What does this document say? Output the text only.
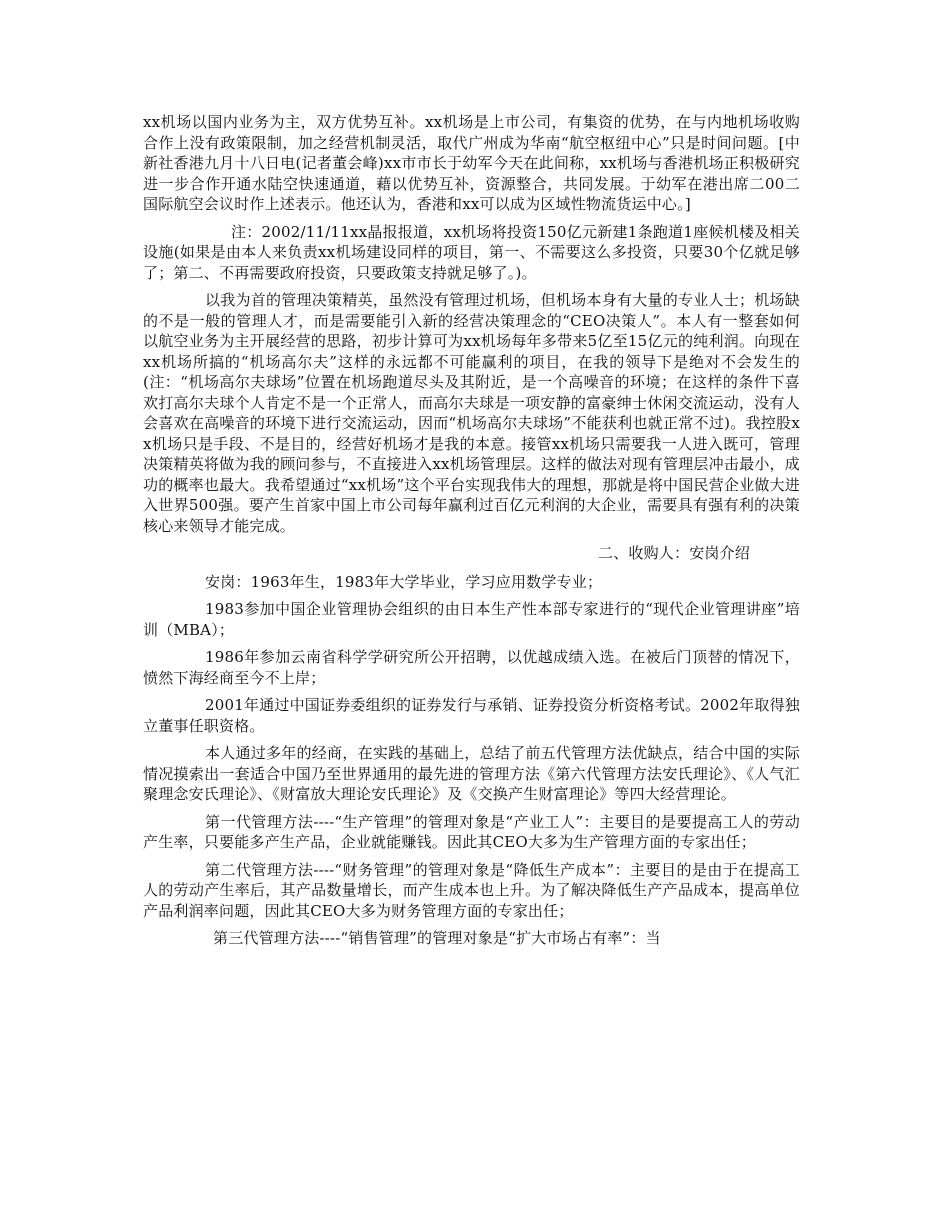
xx机场以国内业务为主，双方优势互补。xx机场是上市公司，有集资的优势，在与内地机场收购合作上没有政策限制，加之经营机制灵活，取代广州成为华南“航空枢纽中心”只是时间问题。[中新社香港九月十八日电(记者董会峰)xx市市长于幼军今天在此间称，xx机场与香港机场正积极研究进一步合作开通水陆空快速通道，藉以优势互补，资源整合，共同发展。于幼军在港出席二00二国际航空会议时作上述表示。他还认为，香港和xx可以成为区域性物流货运中心。]

注：2002/11/11xx晶报报道，xx机场将投资150亿元新建1条跑道1座候机楼及相关设施(如果是由本人来负责xx机场建设同样的项目，第一、不需要这么多投资，只要30个亿就足够了；第二、不再需要政府投资，只要政策支持就足够了。)。

以我为首的管理决策精英，虽然没有管理过机场，但机场本身有大量的专业人士；机场缺的不是一般的管理人才，而是需要能引入新的经营决策理念的“CEO决策人”。本人有一整套如何以航空业务为主开展经营的思路，初步计算可为xx机场每年多带来5亿至15亿元的纯利润。向现在xx机场所搞的“机场高尔夫”这样的永远都不可能赢利的项目，在我的领导下是绝对不会发生的(注：“机场高尔夫球场”位置在机场跑道尽头及其附近，是一个高噪音的环境；在这样的条件下喜欢打高尔夫球个人肯定不是一个正常人，而高尔夫球是一项安静的富豪绅士休闲交流运动，没有人会喜欢在高噪音的环境下进行交流运动，因而“机场高尔夫球场”不能获利也就正常不过)。我控股xx机场只是手段、不是目的，经营好机场才是我的本意。接管xx机场只需要我一人进入既可，管理决策精英将做为我的顾问参与，不直接进入xx机场管理层。这样的做法对现有管理层冲击最小，成功的概率也最大。我希望通过“xx机场”这个平台实现我伟大的理想，那就是将中国民营企业做大进入世界500强。要产生首家中国上市公司每年赢利过百亿元利润的大企业，需要具有强有利的决策核心来领导才能完成。

二、收购人：安岗介绍

安岗：1963年生，1983年大学毕业，学习应用数学专业；

1983参加中国企业管理协会组织的由日本生产性本部专家进行的“现代企业管理讲座”培训（MBA）；

1986年参加云南省科学学研究所公开招聘，以优越成绩入选。在被后门顶替的情况下，愤然下海经商至今不上岸；

2001年通过中国证券委组织的证券发行与承销、证券投资分析资格考试。2002年取得独立董事任职资格。

本人通过多年的经商，在实践的基础上，总结了前五代管理方法优缺点，结合中国的实际情况摸索出一套适合中国乃至世界通用的最先进的管理方法《第六代管理方法安氏理论》、《人气汇聚理念安氏理论》、《财富放大理论安氏理论》及《交换产生财富理论》等四大经营理论。

第一代管理方法----“生产管理”的管理对象是“产业工人”：主要目的是要提高工人的劳动产生率，只要能多产生产品，企业就能赚钱。因此其CEO大多为生产管理方面的专家出任；

第二代管理方法----“财务管理”的管理对象是“降低生产成本”：主要目的是由于在提高工人的劳动产生率后，其产品数量增长，而产生成本也上升。为了解决降低生产产品成本，提高单位产品利润率问题，因此其CEO大多为财务管理方面的专家出任；

第三代管理方法----“销售管理”的管理对象是“扩大市场占有率”：当
